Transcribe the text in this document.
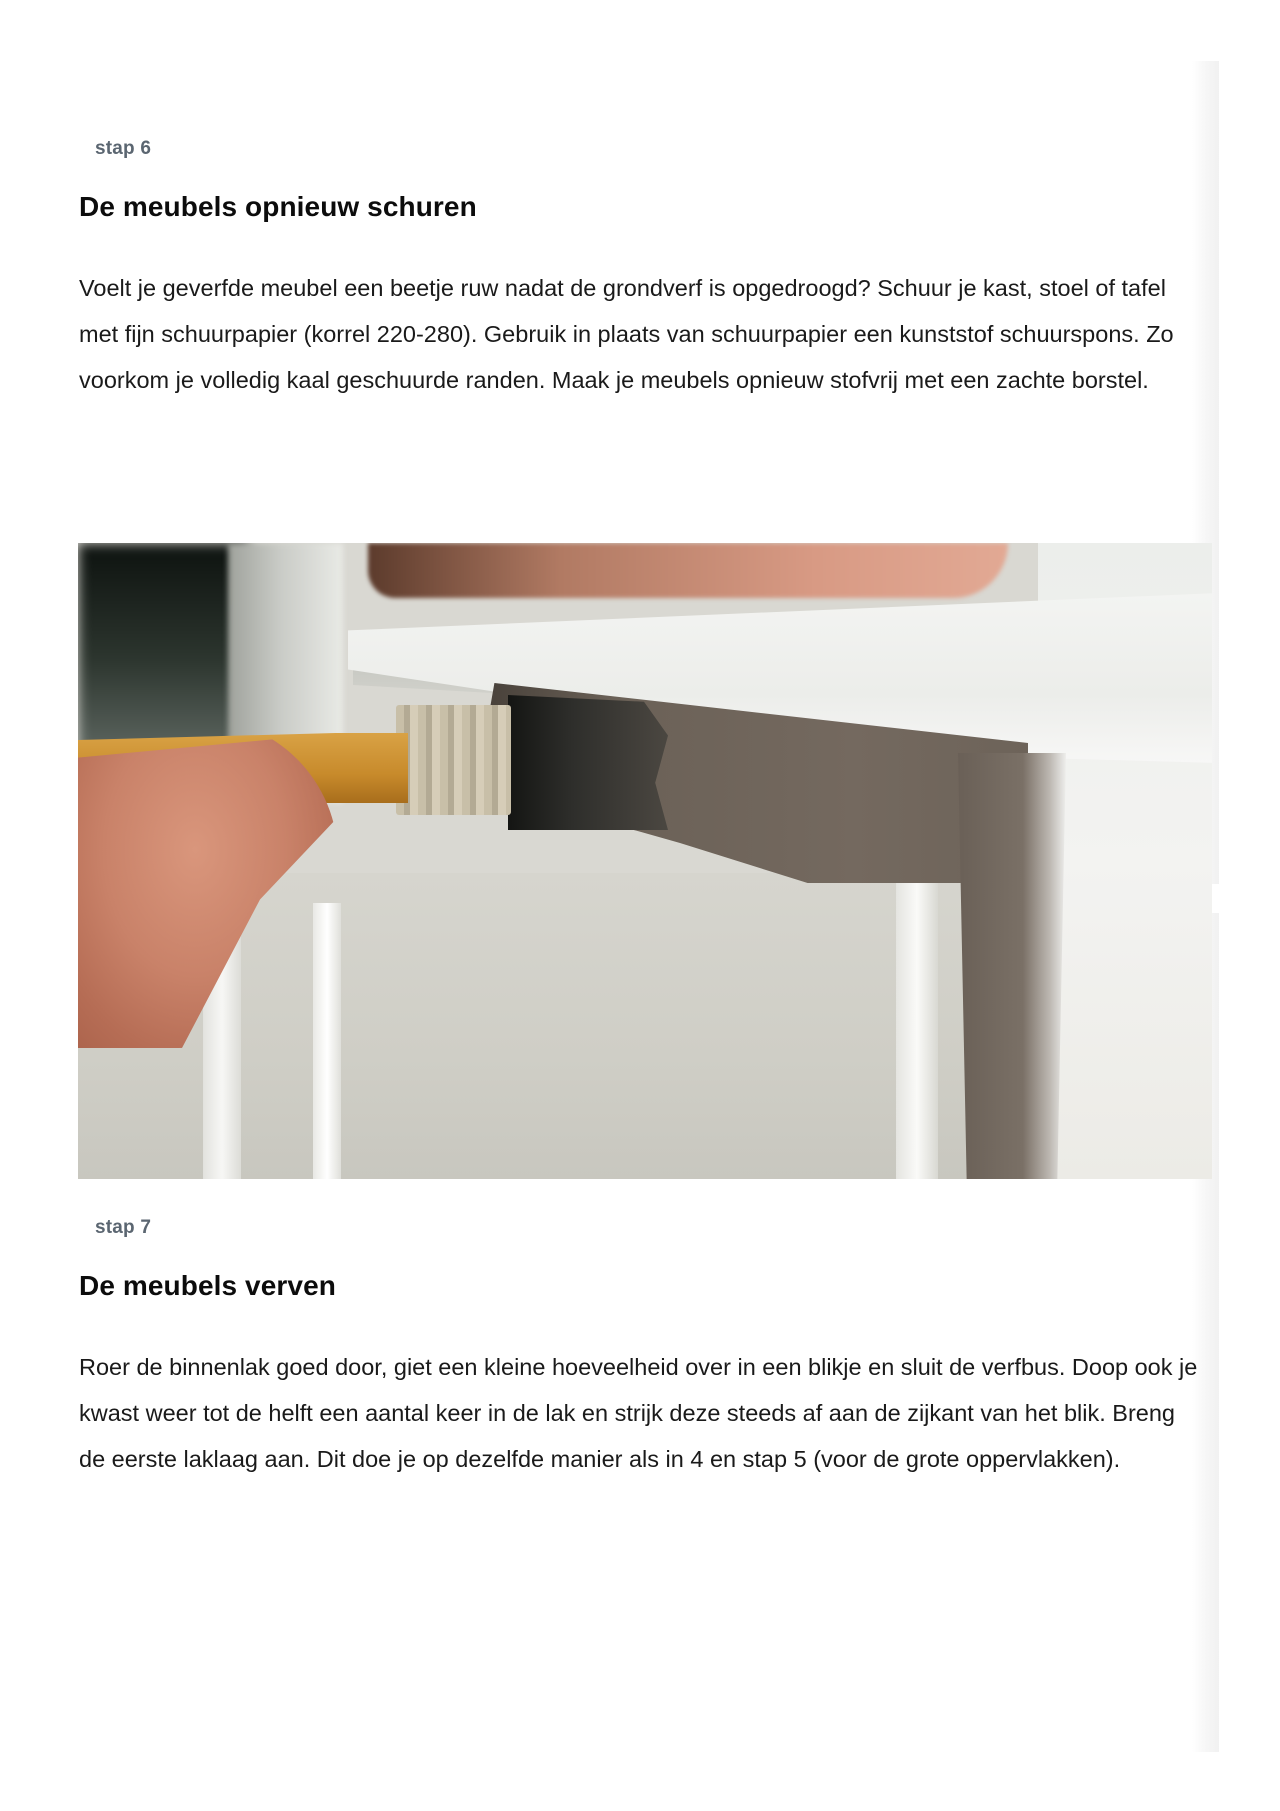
stap 6
De meubels opnieuw schuren

Voelt je geverfde meubel een beetje ruw nadat de grondverf is opgedroogd? Schuur je kast, stoel of tafel met fijn schuurpapier (korrel 220-280). Gebruik in plaats van schuurpapier een kunststof schuurspons. Zo voorkom je volledig kaal geschuurde randen. Maak je meubels opnieuw stofvrij met een zachte borstel.

stap 7
De meubels verven

Roer de binnenlak goed door, giet een kleine hoeveelheid over in een blikje en sluit de verfbus. Doop ook je kwast weer tot de helft een aantal keer in de lak en strijk deze steeds af aan de zijkant van het blik. Breng de eerste laklaag aan. Dit doe je op dezelfde manier als in 4 en stap 5 (voor de grote oppervlakken).
